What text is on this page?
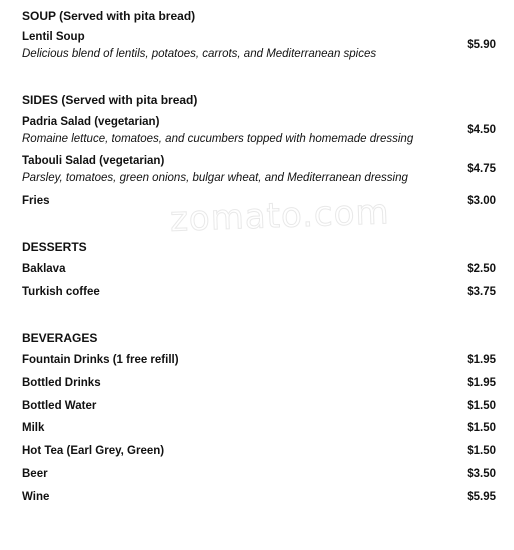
zomato.com
SOUP (Served with pita bread)
Lentil Soup
Delicious blend of lentils, potatoes, carrots, and Mediterranean spices
$5.90
SIDES (Served with pita bread)
Padria Salad (vegetarian)
Romaine lettuce, tomatoes, and cucumbers topped with homemade dressing
$4.50
Tabouli Salad (vegetarian)
Parsley, tomatoes, green onions, bulgar wheat, and Mediterranean dressing
$4.75
Fries	$3.00
DESSERTS
Baklava	$2.50
Turkish coffee	$3.75
BEVERAGES
Fountain Drinks (1 free refill)	$1.95
Bottled Drinks	$1.95
Bottled Water	$1.50
Milk	$1.50
Hot Tea (Earl Grey, Green)	$1.50
Beer	$3.50
Wine	$5.95
